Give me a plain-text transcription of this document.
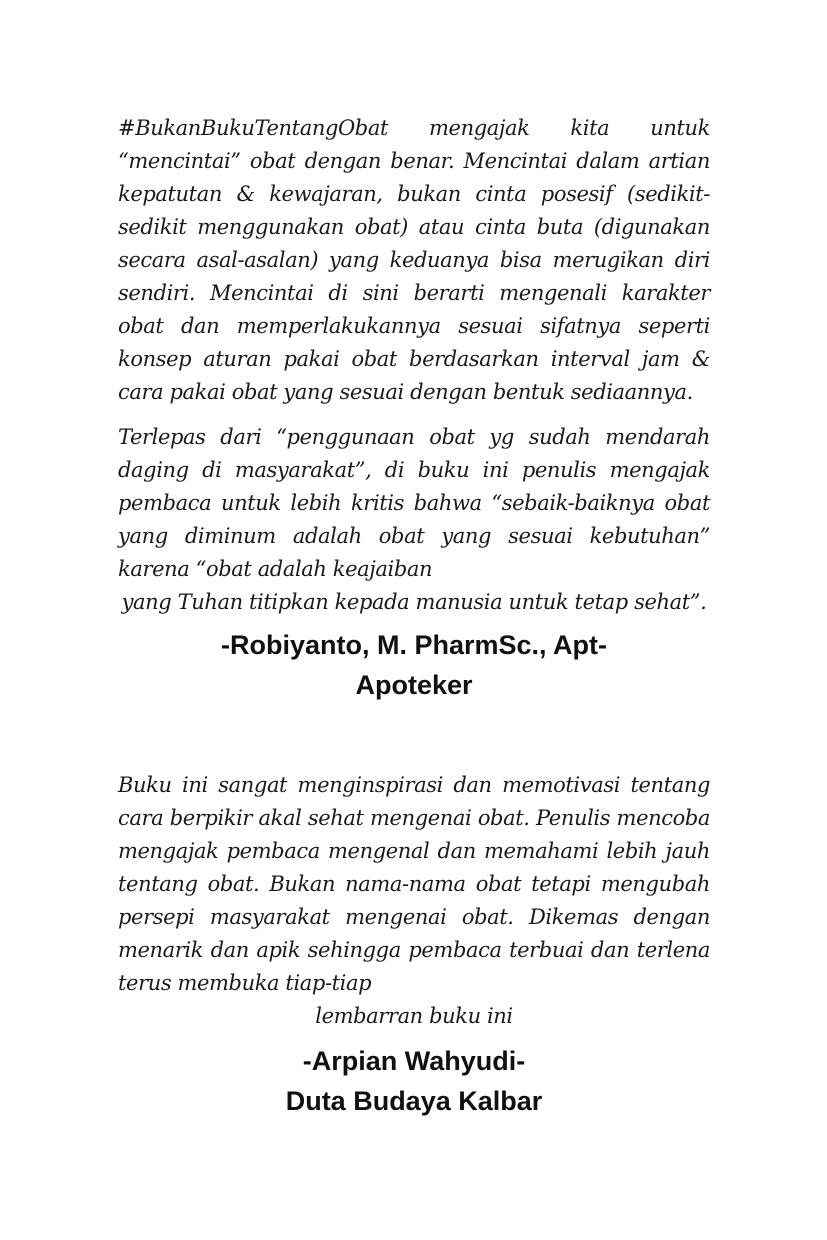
#BukanBukuTentangObat mengajak kita untuk “mencintai” obat dengan benar. Mencintai dalam artian kepatutan & kewajaran, bukan cinta posesif (sedikit-sedikit menggunakan obat) atau cinta buta (digunakan secara asal-asalan) yang keduanya bisa merugikan diri sendiri. Mencintai di sini berarti mengenali karakter obat dan memperlakukannya sesuai sifatnya seperti konsep aturan pakai obat berdasarkan interval jam & cara pakai obat yang sesuai dengan bentuk sediaannya.

Terlepas dari “penggunaan obat yg sudah mendarah daging di masyarakat”, di buku ini penulis mengajak pembaca untuk lebih kritis bahwa “sebaik-baiknya obat yang diminum adalah obat yang sesuai kebutuhan” karena “obat adalah keajaiban
yang Tuhan titipkan kepada manusia untuk tetap sehat”.

-Robiyanto, M. PharmSc., Apt-

Apoteker

Buku ini sangat menginspirasi dan memotivasi tentang cara berpikir akal sehat mengenai obat. Penulis mencoba mengajak pembaca mengenal dan memahami lebih jauh tentang obat. Bukan nama-nama obat tetapi mengubah persepi masyarakat mengenai obat. Dikemas dengan menarik dan apik sehingga pembaca terbuai dan terlena terus membuka tiap-tiap
lembarran buku ini

-Arpian Wahyudi-

Duta Budaya Kalbar
